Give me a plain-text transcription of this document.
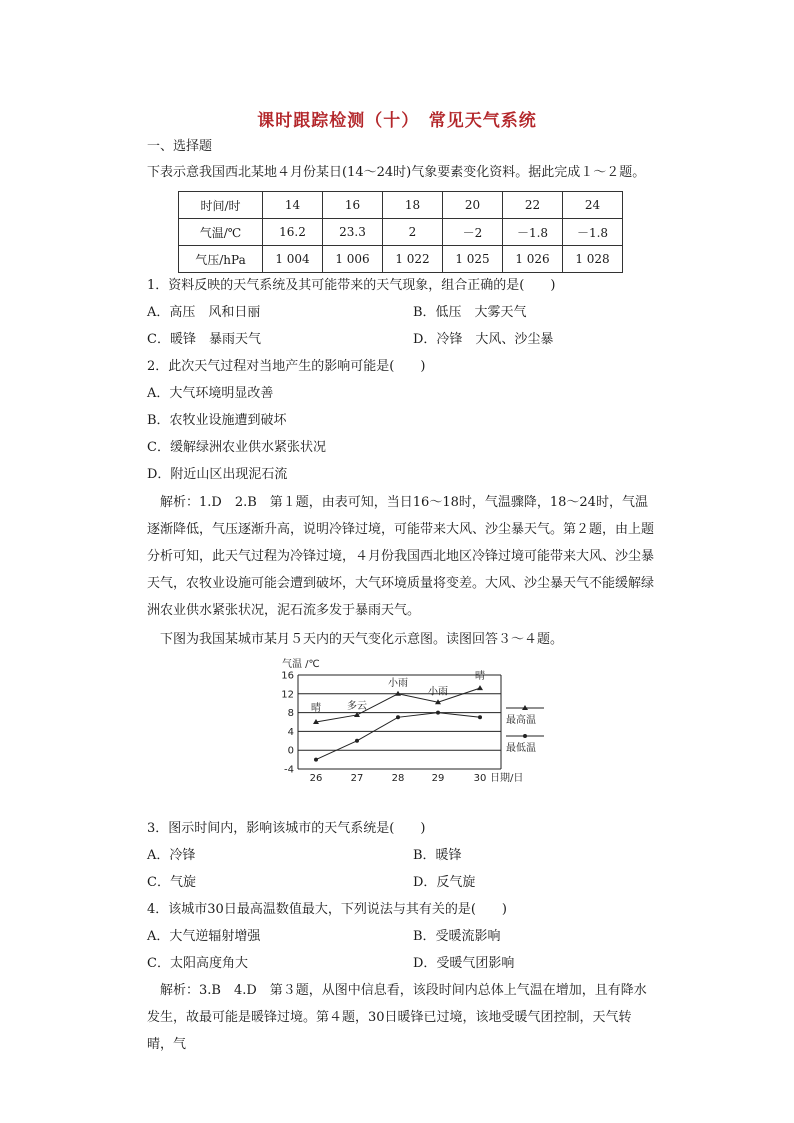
课时跟踪检测（十）　常见天气系统
一、选择题
下表示意我国西北某地４月份某日(14～24时)气象要素变化资料。据此完成１～２题。
时间/时	14	16	18	20	22	24
气温/℃	16.2	23.3	2	－2	－1.8	－1.8
气压/hPa	1 004	1 006	1 022	1 025	1 026	1 028
1．资料反映的天气系统及其可能带来的天气现象，组合正确的是(　　)
A．高压　风和日丽	B．低压　大雾天气
C．暖锋　暴雨天气	D．冷锋　大风、沙尘暴
2．此次天气过程对当地产生的影响可能是(　　)
A．大气环境明显改善
B．农牧业设施遭到破坏
C．缓解绿洲农业供水紧张状况
D．附近山区出现泥石流
解析：1.D　2.B　第１题，由表可知，当日16～18时，气温骤降，18～24时，气温逐渐降低，气压逐渐升高，说明冷锋过境，可能带来大风、沙尘暴天气。第２题，由上题分析可知，此天气过程为冷锋过境，４月份我国西北地区冷锋过境可能带来大风、沙尘暴天气，农牧业设施可能会遭到破坏，大气环境质量将变差。大风、沙尘暴天气不能缓解绿洲农业供水紧张状况，泥石流多发于暴雨天气。
下图为我国某城市某月５天内的天气变化示意图。读图回答３～４题。
16
12
8
4
0
-4
气温 /℃
26	27	28	29	30 日期/日
最高温
最低温
晴	多云
小雨
小雨
晴
3．图示时间内，影响该城市的天气系统是(　　)
A．冷锋	B．暖锋
C．气旋	D．反气旋
4．该城市30日最高温数值最大，下列说法与其有关的是(　　)
A．大气逆辐射增强	B．受暖流影响
C．太阳高度角大	D．受暖气团影响
解析：3.B　4.D　第３题，从图中信息看，该段时间内总体上气温在增加，且有降水发生，故最可能是暖锋过境。第４题，30日暖锋已过境，该地受暖气团控制，天气转晴，气
